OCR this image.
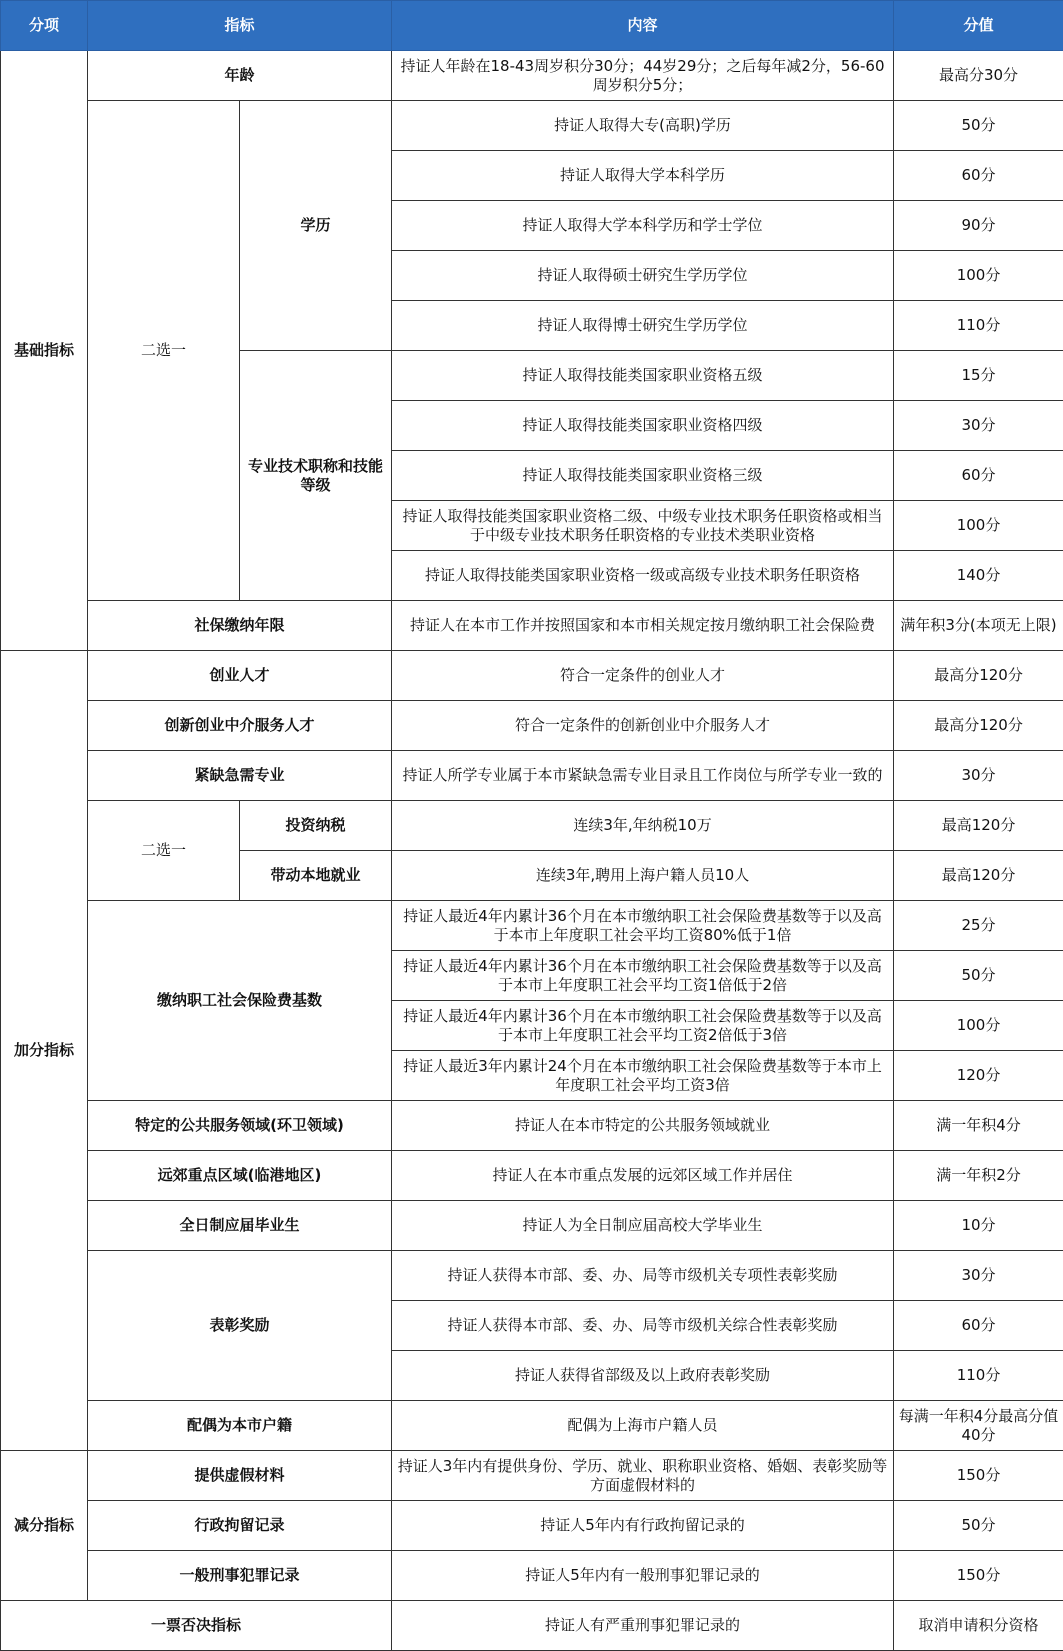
分项	指标		内容	分值
基础指标	年龄		持证人年龄在18-43周岁积分30分；44岁29分；之后每年减2分，56-60周岁积分5分；	最高分30分
	二选一	学历	持证人取得大专(高职)学历	50分
			持证人取得大学本科学历	60分
			持证人取得大学本科学历和学士学位	90分
			持证人取得硕士研究生学历学位	100分
			持证人取得博士研究生学历学位	110分
		专业技术职称和技能等级	持证人取得技能类国家职业资格五级	15分
			持证人取得技能类国家职业资格四级	30分
			持证人取得技能类国家职业资格三级	60分
			持证人取得技能类国家职业资格二级、中级专业技术职务任职资格或相当于中级专业技术职务任职资格的专业技术类职业资格	100分
			持证人取得技能类国家职业资格一级或高级专业技术职务任职资格	140分
	社保缴纳年限		持证人在本市工作并按照国家和本市相关规定按月缴纳职工社会保险费	满年积3分(本项无上限)
加分指标	创业人才		符合一定条件的创业人才	最高分120分
	创新创业中介服务人才		符合一定条件的创新创业中介服务人才	最高分120分
	紧缺急需专业		持证人所学专业属于本市紧缺急需专业目录且工作岗位与所学专业一致的	30分
	二选一	投资纳税	连续3年,年纳税10万	最高120分
		带动本地就业	连续3年,聘用上海户籍人员10人	最高120分
	缴纳职工社会保险费基数		持证人最近4年内累计36个月在本市缴纳职工社会保险费基数等于以及高于本市上年度职工社会平均工资80%低于1倍	25分
			持证人最近4年内累计36个月在本市缴纳职工社会保险费基数等于以及高于本市上年度职工社会平均工资1倍低于2倍	50分
			持证人最近4年内累计36个月在本市缴纳职工社会保险费基数等于以及高于本市上年度职工社会平均工资2倍低于3倍	100分
			持证人最近3年内累计24个月在本市缴纳职工社会保险费基数等于本市上年度职工社会平均工资3倍	120分
	特定的公共服务领域(环卫领域)		持证人在本市特定的公共服务领域就业	满一年积4分
	远郊重点区域(临港地区)		持证人在本市重点发展的远郊区域工作并居住	满一年积2分
	全日制应届毕业生		持证人为全日制应届高校大学毕业生	10分
	表彰奖励		持证人获得本市部、委、办、局等市级机关专项性表彰奖励	30分
			持证人获得本市部、委、办、局等市级机关综合性表彰奖励	60分
			持证人获得省部级及以上政府表彰奖励	110分
	配偶为本市户籍		配偶为上海市户籍人员	每满一年积4分最高分值40分
减分指标	提供虚假材料		持证人3年内有提供身份、学历、就业、职称职业资格、婚姻、表彰奖励等方面虚假材料的	150分
	行政拘留记录		持证人5年内有行政拘留记录的	50分
	一般刑事犯罪记录		持证人5年内有一般刑事犯罪记录的	150分
一票否决指标			持证人有严重刑事犯罪记录的	取消申请积分资格
